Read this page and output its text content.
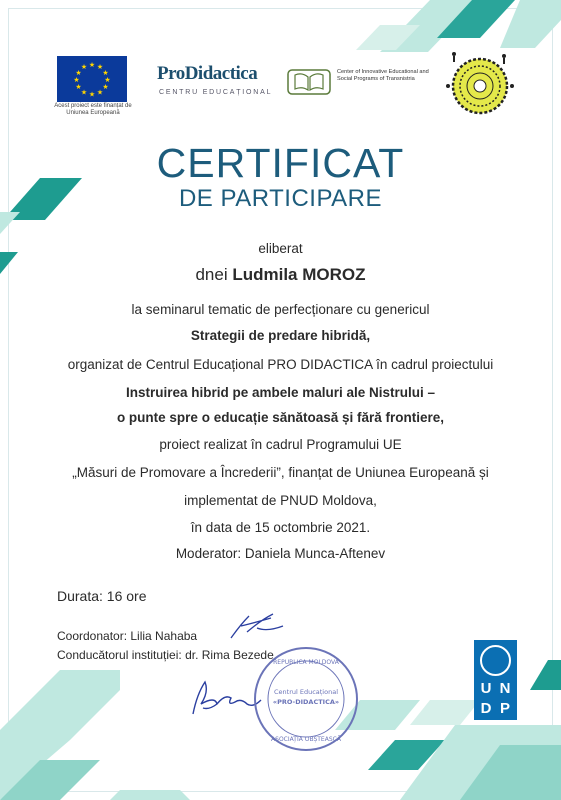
★ ★
★
★
★
★
★
★
★
★
★
★
Acest proiect este finanțat de Uniunea Europeană
ProDidactica
CENTRU EDUCAȚIONAL
Center of Innovative Educational and Social Programs of Transnistria
CERTIFICAT
DE PARTICIPARE
eliberat
dnei Ludmila MOROZ
la seminarul tematic de perfecționare cu genericul
Strategii de predare hibridă,
organizat de Centrul Educațional PRO DIDACTICA în cadrul proiectului
Instruirea hibrid pe ambele maluri ale Nistrului –
o punte spre o educație sănătoasă și fără frontiere,
proiect realizat în cadrul Programului UE
„Măsuri de Promovare a Încrederii”, finanțat de Uniunea Europeană și
implementat de PNUD Moldova,
în data de 15 octombrie 2021.
Moderator: Daniela Munca-Aftenev
Durata: 16 ore
Coordonator: Lilia Nahaba
Conducătorul instituției: dr. Rima Bezede
Centrul Educațional
«PRO-DIDACTICA»
REPUBLICA MOLDOVA
ASOCIAȚIA OBȘTEASCĂ
U N
D P
